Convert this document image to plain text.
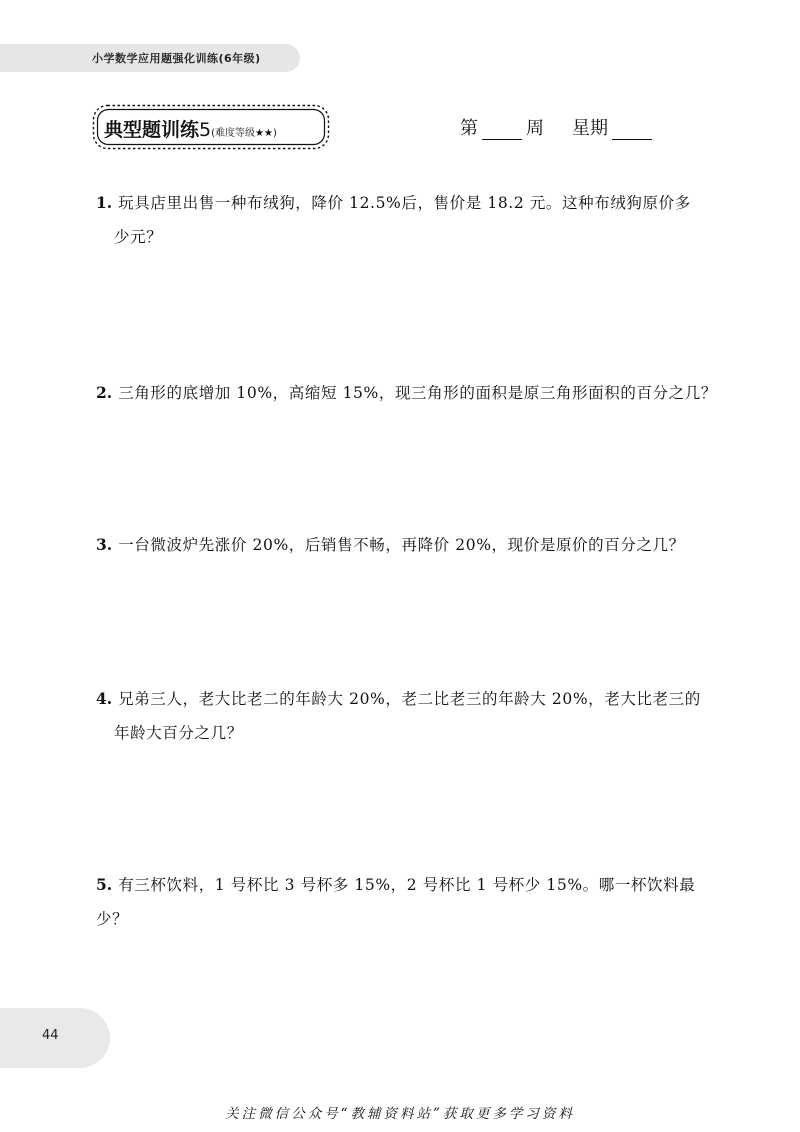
小学数学应用题强化训练(6年级)
典型题训练5(难度等级★★)	第	周 星期
1. 玩具店里出售一种布绒狗，降价 12.5%后，售价是 18.2 元。这种布绒狗原价多
少元？
2. 三角形的底增加 10%，高缩短 15%，现三角形的面积是原三角形面积的百分之几？
3. 一台微波炉先涨价 20%，后销售不畅，再降价 20%，现价是原价的百分之几？
4. 兄弟三人，老大比老二的年龄大 20%，老二比老三的年龄大 20%，老大比老三的
年龄大百分之几？
5. 有三杯饮料，1 号杯比 3 号杯多 15%，2 号杯比 1 号杯少 15%。哪一杯饮料最少？
44
关注微信公众号“教辅资料站”获取更多学习资料
